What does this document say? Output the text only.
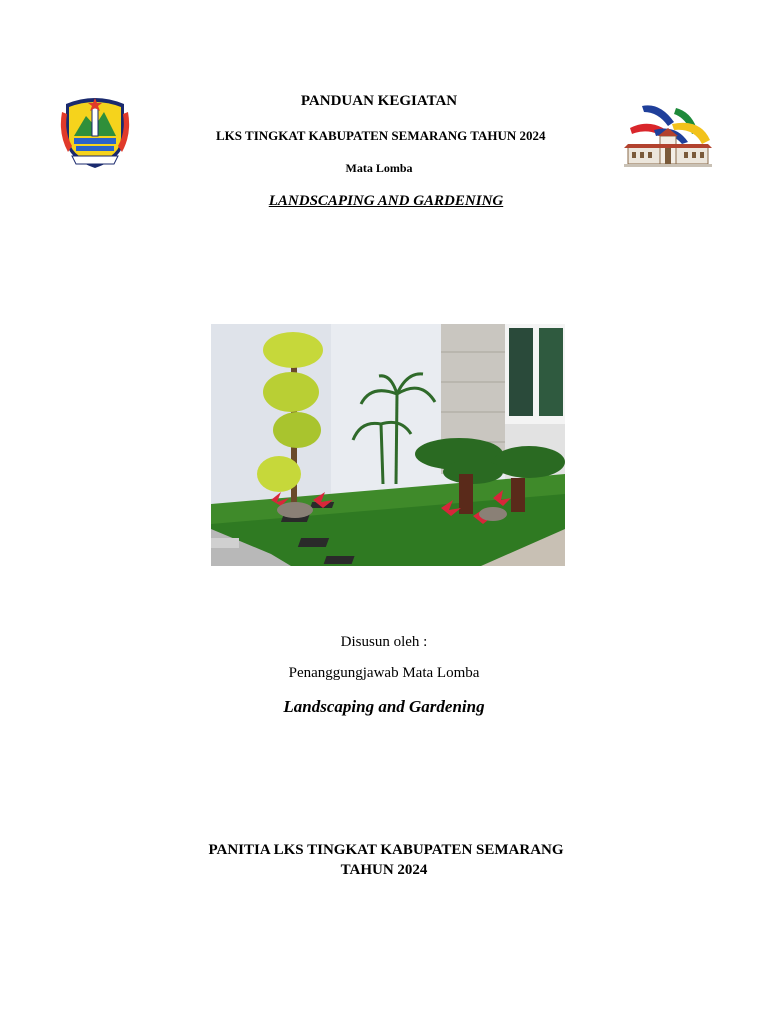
PANDUAN KEGIATAN
LKS TINGKAT KABUPATEN SEMARANG TAHUN 2024
Mata Lomba
LANDSCAPING AND GARDENING
Disusun oleh :
Penanggungjawab Mata Lomba
Landscaping and Gardening
PANITIA LKS TINGKAT KABUPATEN SEMARANG
TAHUN 2024
